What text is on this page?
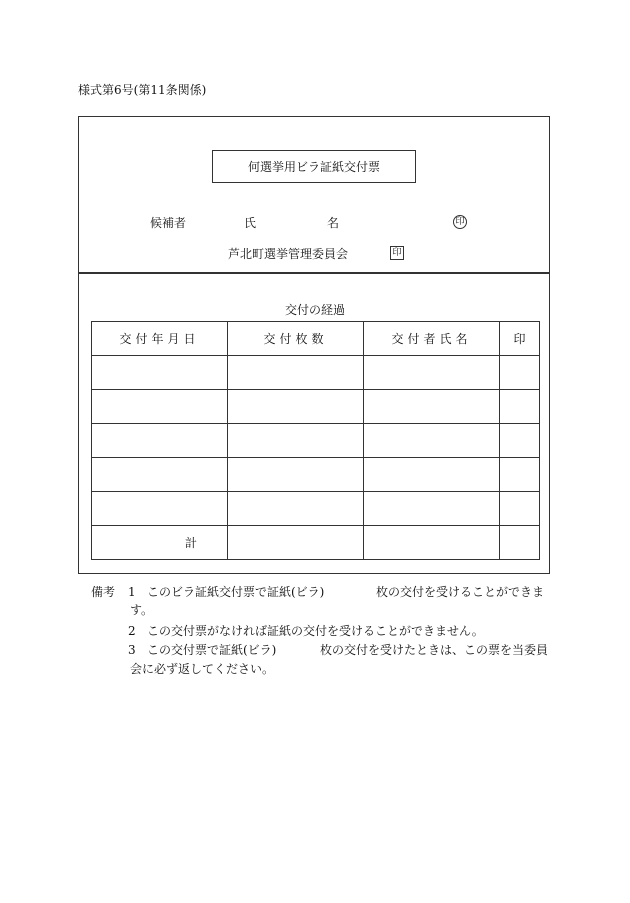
様式第6号(第11条関係)
何選挙用ビラ証紙交付票
候補者	氏	名	印
芦北町選挙管理委員会	印
交付の経過
交付年月日	交付枚数	交付者氏名	印

計			
備考 1 このビラ証紙交付票で証紙(ビラ)	枚の交付を受けることができま
す。
2 この交付票がなければ証紙の交付を受けることができません。
3 この交付票で証紙(ビラ)	枚の交付を受けたときは、この票を当委員
会に必ず返してください。
